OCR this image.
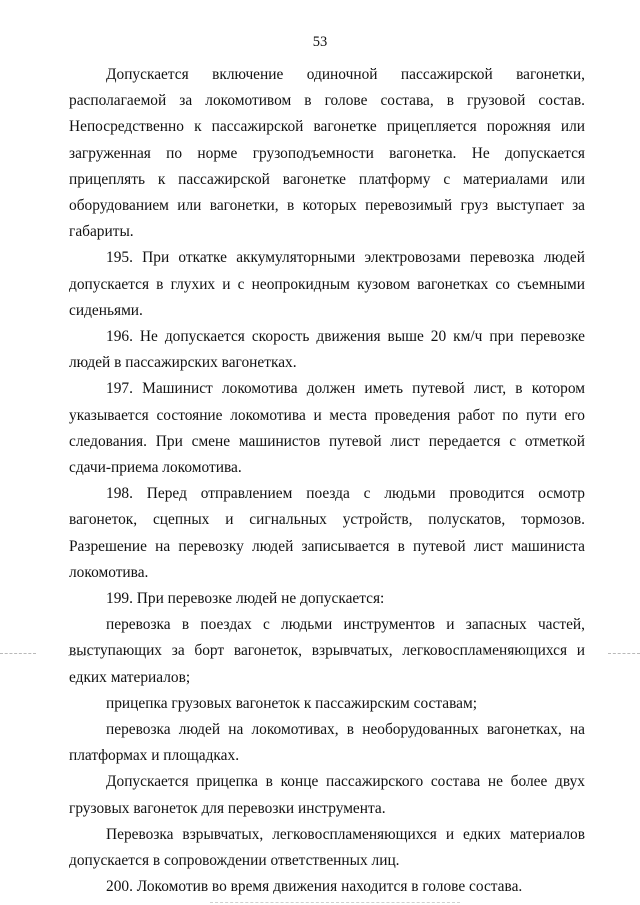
53

Допускается включение одиночной пассажирской вагонетки, располагаемой за локомотивом в голове состава, в грузовой состав. Непосредственно к пассажирской вагонетке прицепляется порожняя или загруженная по норме грузоподъемности вагонетка. Не допускается прицеплять к пассажирской вагонетке платформу с материалами или оборудованием или вагонетки, в которых перевозимый груз выступает за габариты.

195. При откатке аккумуляторными электровозами перевозка людей допускается в глухих и с неопрокидным кузовом вагонетках со съемными сиденьями.

196. Не допускается скорость движения выше 20 км/ч при перевозке людей в пассажирских вагонетках.

197. Машинист локомотива должен иметь путевой лист, в котором указывается состояние локомотива и места проведения работ по пути его следования. При смене машинистов путевой лист передается с отметкой сдачи-приема локомотива.

198. Перед отправлением поезда с людьми проводится осмотр вагонеток, сцепных и сигнальных устройств, полускатов, тормозов. Разрешение на перевозку людей записывается в путевой лист машиниста локомотива.

199. При перевозке людей не допускается:

перевозка в поездах с людьми инструментов и запасных частей, выступающих за борт вагонеток, взрывчатых, легковоспламеняющихся и едких материалов;

прицепка грузовых вагонеток к пассажирским составам;

перевозка людей на локомотивах, в необорудованных вагонетках, на платформах и площадках.

Допускается прицепка в конце пассажирского состава не более двух грузовых вагонеток для перевозки инструмента.

Перевозка взрывчатых, легковоспламеняющихся и едких материалов допускается в сопровождении ответственных лиц.

200. Локомотив во время движения находится в голове состава.
